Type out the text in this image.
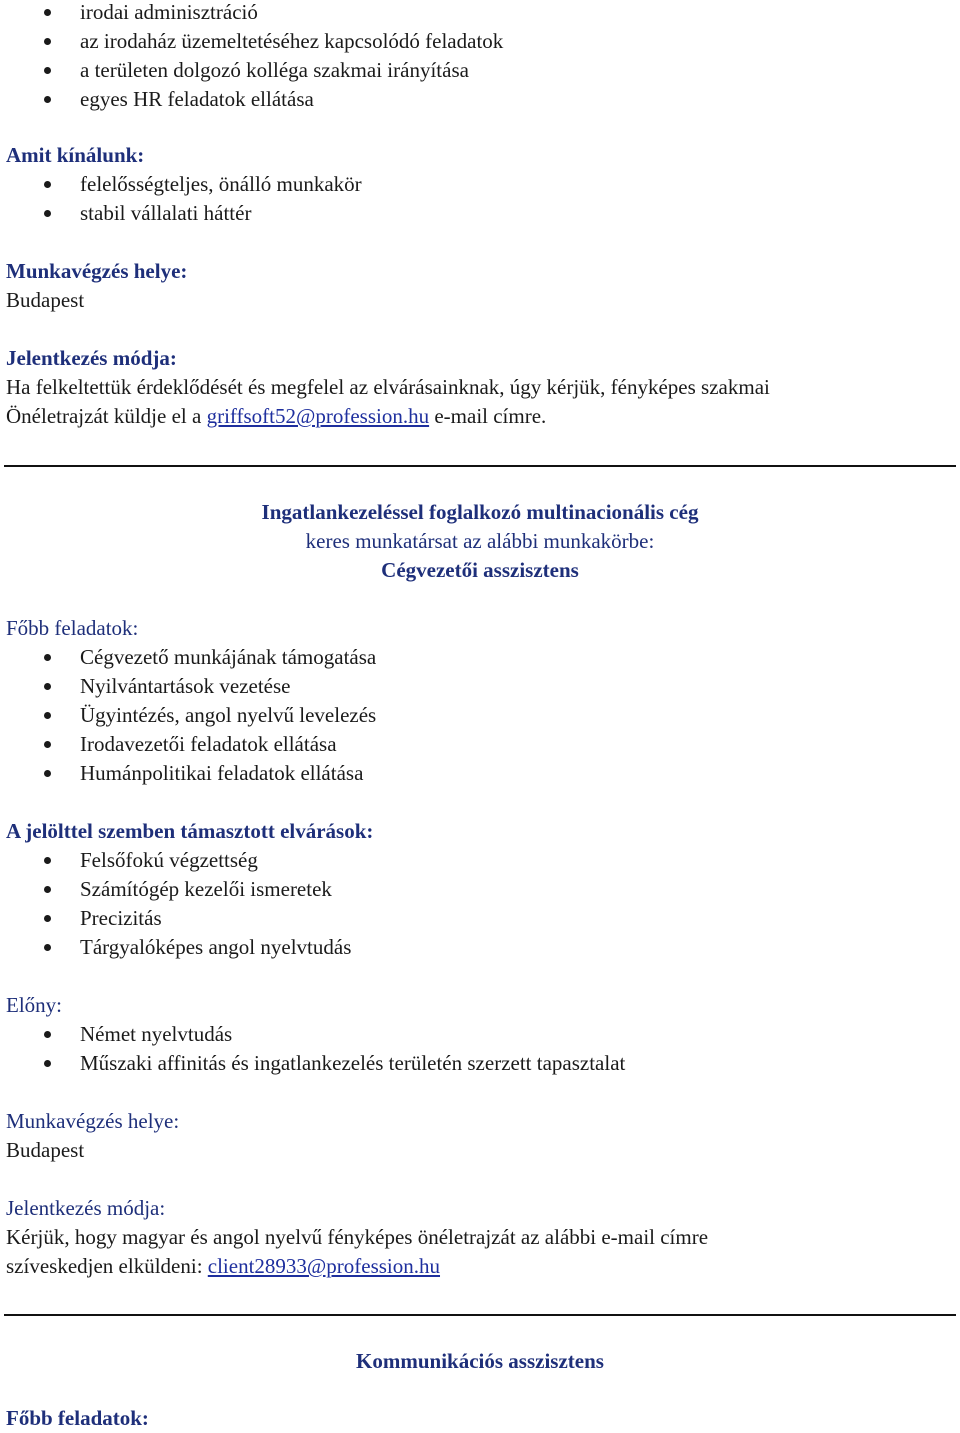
irodai adminisztráció
az irodaház üzemeltetéséhez kapcsolódó feladatok
a területen dolgozó kolléga szakmai irányítása
egyes HR feladatok ellátása
Amit kínálunk:
felelősségteljes, önálló munkakör
stabil vállalati háttér
Munkavégzés helye:
Budapest
Jelentkezés módja:
Ha felkeltettük érdeklődését és megfelel az elvárásainknak, úgy kérjük, fényképes szakmai
Önéletrajzát küldje el a griffsoft52@profession.hu e-mail címre.
Ingatlankezeléssel foglalkozó multinacionális cég
keres munkatársat az alábbi munkakörbe:
Cégvezetői asszisztens
Főbb feladatok:
Cégvezető munkájának támogatása
Nyilvántartások vezetése
Ügyintézés, angol nyelvű levelezés
Irodavezetői feladatok ellátása
Humánpolitikai feladatok ellátása
A jelölttel szemben támasztott elvárások:
Felsőfokú végzettség
Számítógép kezelői ismeretek
Precizitás
Tárgyalóképes angol nyelvtudás
Előny:
Német nyelvtudás
Műszaki affinitás és ingatlankezelés területén szerzett tapasztalat
Munkavégzés helye:
Budapest
Jelentkezés módja:
Kérjük, hogy magyar és angol nyelvű fényképes önéletrajzát az alábbi e-mail címre
szíveskedjen elküldeni: client28933@profession.hu
Kommunikációs asszisztens
Főbb feladatok:
